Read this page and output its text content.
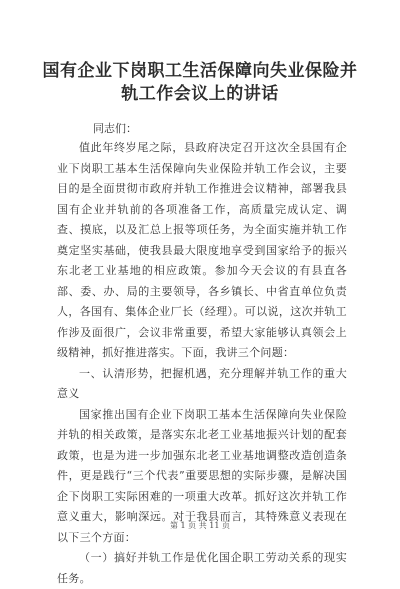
国有企业下岗职工生活保障向失业保险并轨工作会议上的讲话
同志们：

值此年终岁尾之际，县政府决定召开这次全县国有企业下岗职工基本生活保障向失业保险并轨工作会议，主要目的是全面贯彻市政府并轨工作推进会议精神，部署我县国有企业并轨前的各项准备工作，高质量完成认定、调查、摸底，以及汇总上报等项任务，为全面实施并轨工作奠定坚实基础，使我县最大限度地享受到国家给予的振兴东北老工业基地的相应政策。参加今天会议的有县直各部、委、办、局的主要领导，各乡镇长、中省直单位负责人，各国有、集体企业厂长（经理）。可以说，这次并轨工作涉及面很广，会议非常重要，希望大家能够认真领会上级精神，抓好推进落实。下面，我讲三个问题：

一、认清形势，把握机遇，充分理解并轨工作的重大意义

国家推出国有企业下岗职工基本生活保障向失业保险并轨的相关政策，是落实东北老工业基地振兴计划的配套政策，也是为进一步加强东北老工业基地调整改造创造条件，更是践行“三个代表”重要思想的实际步骤，是解决国企下岗职工实际困难的一项重大改革。抓好这次并轨工作意义重大，影响深远。对于我县而言，其特殊意义表现在以下三个方面：

（一）搞好并轨工作是优化国企职工劳动关系的现实任务。

第 1 页 共 11 页
